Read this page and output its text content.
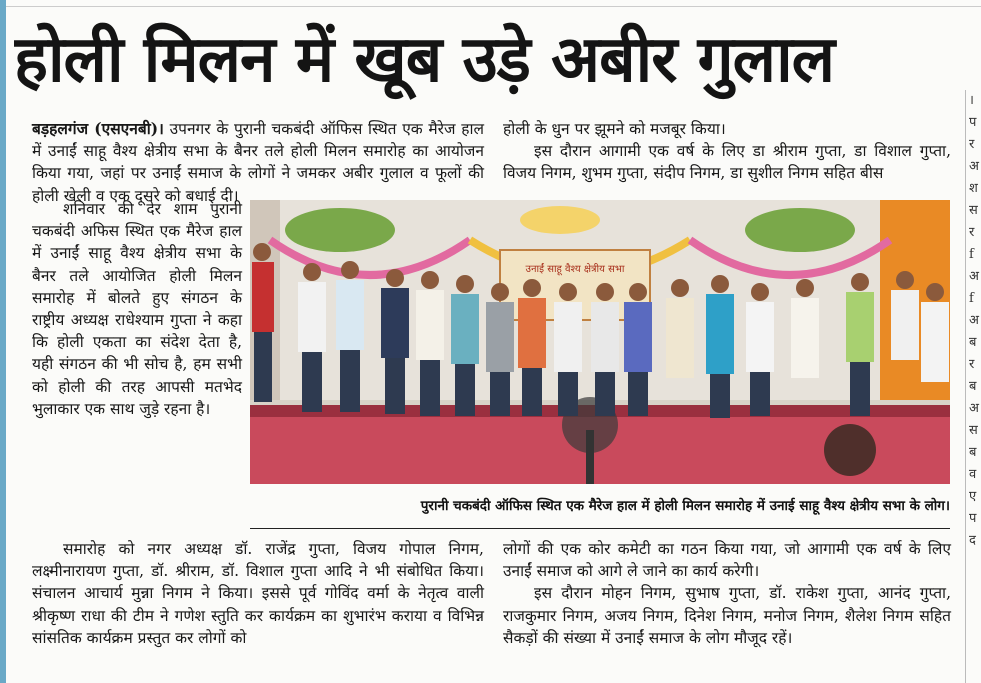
होली मिलन में खूब उड़े अबीर गुलाल
बड़हलगंज (एसएनबी)। उपनगर के पुरानी चकबंदी ऑफिस स्थित एक मैरेज हाल में उनाईं साहू वैश्य क्षेत्रीय सभा के बैनर तले होली मिलन समारोह का आयोजन किया गया, जहां पर उनाईं समाज के लोगों ने जमकर अबीर गुलाल व फूलों की होली खेली व एक दूसरे को बधाई दी।
शनिवार की देर शाम पुरानी चकबंदी अफिस स्थित एक मैरेज हाल में उनाईं साहू वैश्य क्षेत्रीय सभा के बैनर तले आयोजित होली मिलन समारोह में बोलते हुए संगठन के राष्ट्रीय अध्यक्ष राधेश्याम गुप्ता ने कहा कि होली एकता का संदेश देता है, यही संगठन की भी सोच है, हम सभी को होली की तरह आपसी मतभेद भुलाकार एक साथ जुड़े रहना है।
समारोह को नगर अध्यक्ष डॉ. राजेंद्र गुप्ता, विजय गोपाल निगम, लक्ष्मीनारायण गुप्ता, डॉ. श्रीराम, डॉ. विशाल गुप्ता आदि ने भी संबोधित किया। संचालन आचार्य मुन्ना निगम ने किया। इससे पूर्व गोविंद वर्मा के नेतृत्व वाली श्रीकृष्ण राधा की टीम ने गणेश स्तुति कर कार्यक्रम का शुभारंभ कराया व विभिन्न सांसतिक कार्यक्रम प्रस्तुत कर लोगों को
होली के धुन पर झूमने को मजबूर किया।
इस दौरान आगामी एक वर्ष के लिए डा श्रीराम गुप्ता, डा विशाल गुप्ता, विजय निगम, शुभम गुप्ता, संदीप निगम, डा सुशील निगम सहित बीस
लोगों की एक कोर कमेटी का गठन किया गया, जो आगामी एक वर्ष के लिए उनाईं समाज को आगे ले जाने का कार्य करेगी।
इस दौरान मोहन निगम, सुभाष गुप्ता, डॉ. राकेश गुप्ता, आनंद गुप्ता, राजकुमार निगम, अजय निगम, दिनेश निगम, मनोज निगम, शैलेश निगम सहित सैकड़ों की संख्या में उनाईं समाज के लोग मौजूद रहें।
उनाईं साहू वैश्य क्षेत्रीय सभा
पुरानी चकबंदी ऑफिस स्थित एक मैरेज हाल में होली मिलन समारोह में उनाई साहू वैश्य क्षेत्रीय सभा के लोग।
।
प
र
अ
श
स
र
f
अ
f
अ
ब
र
ब
अ
स
ब
व
ए
प
द
